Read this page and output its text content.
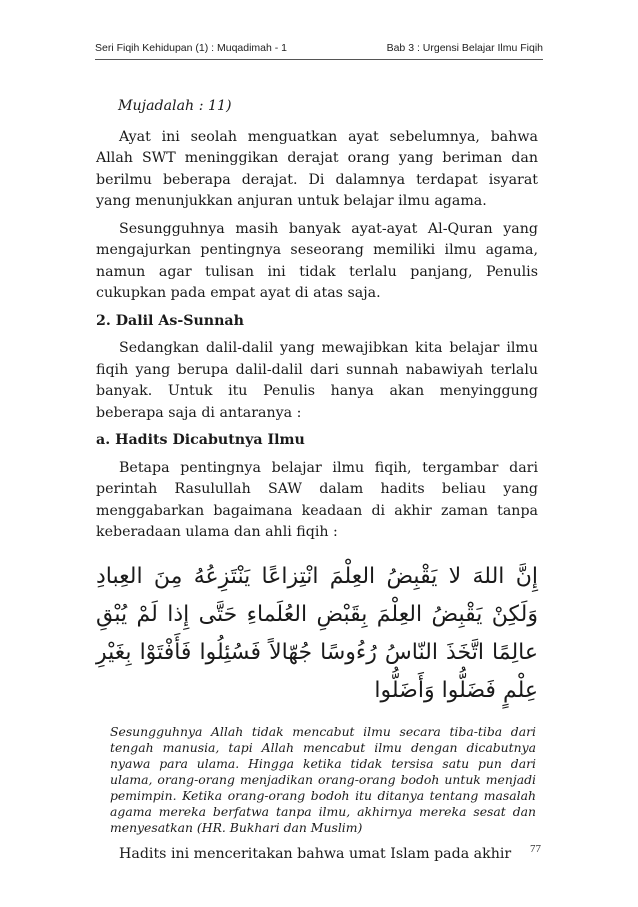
Seri Fiqih Kehidupan (1) : Muqadimah - 1	Bab 3 : Urgensi Belajar Ilmu Fiqih

Mujadalah : 11)

Ayat ini seolah menguatkan ayat sebelumnya, bahwa Allah SWT meninggikan derajat orang yang beriman dan berilmu beberapa derajat. Di dalamnya terdapat isyarat yang menunjukkan anjuran untuk belajar ilmu agama.

Sesungguhnya masih banyak ayat-ayat Al-Quran yang mengajurkan pentingnya seseorang memiliki ilmu agama, namun agar tulisan ini tidak terlalu panjang, Penulis cukupkan pada empat ayat di atas saja.

2. Dalil As-Sunnah

Sedangkan dalil-dalil yang mewajibkan kita belajar ilmu fiqih yang berupa dalil-dalil dari sunnah nabawiyah terlalu banyak. Untuk itu Penulis hanya akan menyinggung beberapa saja di antaranya :

a. Hadits Dicabutnya Ilmu

Betapa pentingnya belajar ilmu fiqih, tergambar dari perintah Rasulullah SAW dalam hadits beliau yang menggabarkan bagaimana keadaan di akhir zaman tanpa keberadaan ulama dan ahli fiqih :

إِنَّ اللهَ لا يَقْبِضُ العِلْمَ انْتِزاعًا يَنْتَزِعُهُ مِنَ العِبادِ وَلَكِنْ يَقْبِضُ العِلْمَ بِقَبْضِ العُلَماءِ حَتَّى إِذا لَمْ يُبْقِ عالِمًا اتَّخَذَ النّاسُ رُءُوسًا جُهّالاً فَسُئِلُوا فَأَفْتَوْا بِغَيْرِ عِلْمٍ فَضَلُّوا وَأَضَلُّوا

Sesungguhnya Allah tidak mencabut ilmu secara tiba-tiba dari tengah manusia, tapi Allah mencabut ilmu dengan dicabutnya nyawa para ulama. Hingga ketika tidak tersisa satu pun dari ulama, orang-orang menjadikan orang-orang bodoh untuk menjadi pemimpin. Ketika orang-orang bodoh itu ditanya tentang masalah agama mereka berfatwa tanpa ilmu, akhirnya mereka sesat dan menyesatkan (HR. Bukhari dan Muslim)

Hadits ini menceritakan bahwa umat Islam pada akhir	77
